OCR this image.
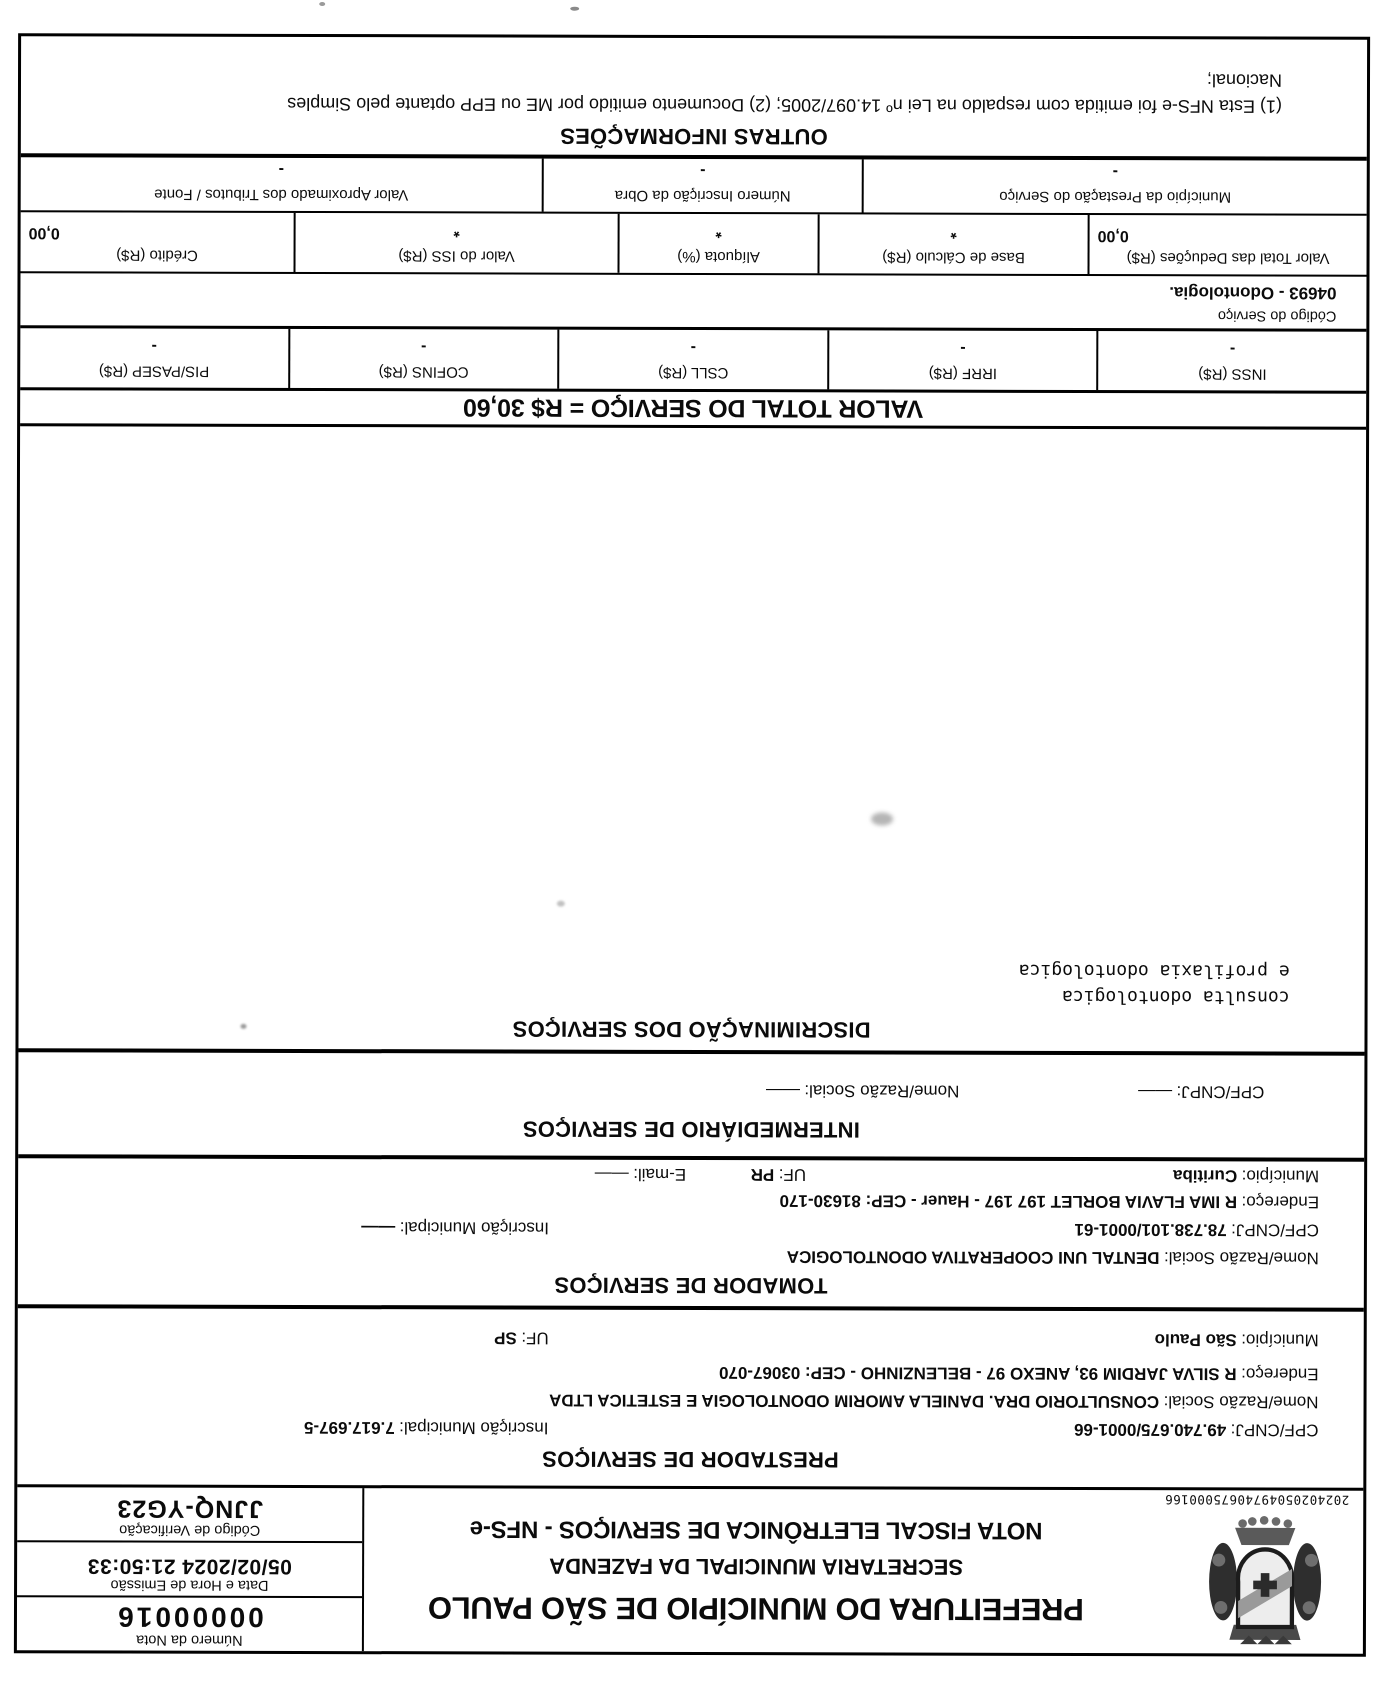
20240205049740675000166
PREFEITURA DO MUNICÍPIO DE SÃO PAULO
SECRETARIA MUNICIPAL DA FAZENDA
NOTA FISCAL ELETRÔNICA DE SERVIÇOS - NFS-e
Número da Nota
00000016
Data e Hora de Emissão
05/02/2024 21:50:33
Código de Verificação
JJNQ-YG23
PRESTADOR DE SERVIÇOS
CPF/CNPJ: 49.740.675/0001-66
Inscrição Municipal: 7.617.697-5
Nome/Razão Social: CONSULTORIO DRA. DANIELA AMORIM ODONTOLOGIA E ESTETICA LTDA
Endereço: R SILVA JARDIM 93, ANEXO 97 - BELENZINHO - CEP: 03067-070
Município: São Paulo
UF: SP
TOMADOR DE SERVIÇOS
Nome/Razão Social: DENTAL UNI COOPERATIVA ODONTOLOGICA
CPF/CNPJ: 78.738.101/0001-61
Inscrição Municipal: ——
Endereço: R IMA FLAVIA BORLET 197 197 - Hauer - CEP: 81630-170
Município: Curitiba
UF: PR
E-mail: ——
INTERMEDIÁRIO DE SERVIÇOS
CPF/CNPJ: ——
Nome/Razão Social: ——
DISCRIMINAÇÃO DOS SERVIÇOS
consulta odontologica
e profilaxia odontologica
VALOR TOTAL DO SERVIÇO = R$ 30,60
INSS (R$)
-
IRRF (R$)
-
CSLL (R$)
-
COFINS (R$)
-
PIS/PASEP (R$)
-
Código do Serviço
04693 - Odontologia.
Valor Total das Deduções (R$)
0,00
Base de Cálculo (R$)
*
Alíquota (%)
*
Valor do ISS (R$)
*
Crédito (R$)
0,00
Município da Prestação do Serviço
-
Número Inscrição da Obra
-
Valor Aproximado dos Tributos / Fonte
-
OUTRAS INFORMAÇÕES
(1) Esta NFS-e foi emitida com respaldo na Lei nº 14.097/2005; (2) Documento emitido por ME ou EPP optante pelo Simples
Nacional;
